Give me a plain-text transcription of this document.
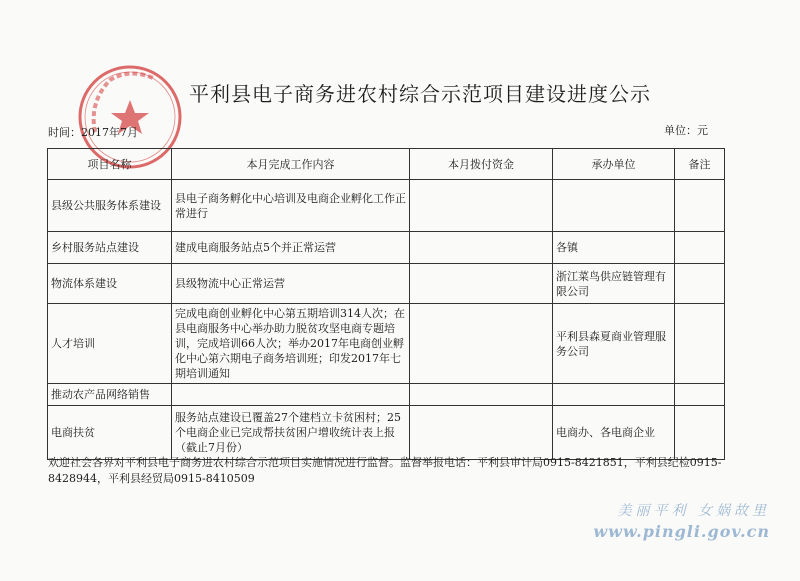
平利县电子商务进农村综合示范项目建设进度公示
时间：2017年7月	单位：元
项目名称	本月完成工作内容	本月拨付资金	承办单位	备注
县级公共服务体系建设	县电子商务孵化中心培训及电商企业孵化工作正常进行			
乡村服务站点建设	建成电商服务站点5个并正常运营		各镇	
物流体系建设	县级物流中心正常运营		浙江菜鸟供应链管理有限公司	
人才培训	完成电商创业孵化中心第五期培训314人次；在县电商服务中心举办助力脱贫攻坚电商专题培训，完成培训66人次；举办2017年电商创业孵化中心第六期电子商务培训班；印发2017年七期培训通知		平利县森夏商业管理服务公司	
推动农产品网络销售				
电商扶贫	服务站点建设已覆盖27个建档立卡贫困村；25个电商企业已完成帮扶贫困户增收统计表上报（截止7月份）		电商办、各电商企业	
欢迎社会各界对平利县电子商务进农村综合示范项目实施情况进行监督。监督举报电话：平利县审计局0915-8421851，平利县纪检0915-8428944，平利县经贸局0915-8410509
美丽平利 女娲故里
www.pingli.gov.cn
